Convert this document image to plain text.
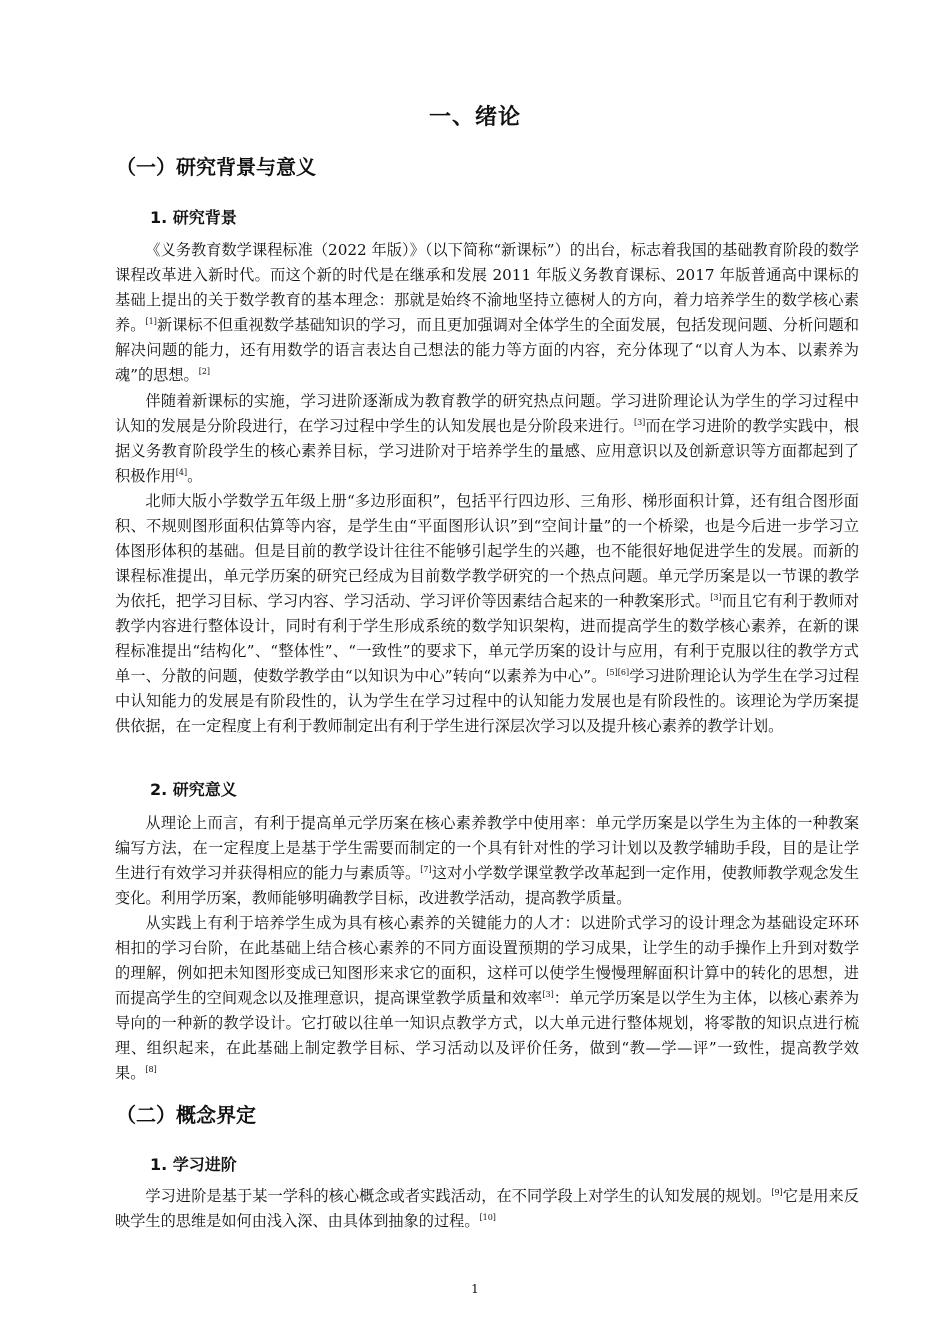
一、绪论
（一）研究背景与意义
1. 研究背景

《义务教育数学课程标准（2022 年版）》（以下简称“新课标”）的出台，标志着我国的基础教育阶段的数学课程改革进入新时代。而这个新的时代是在继承和发展 2011 年版义务教育课标、2017 年版普通高中课标的基础上提出的关于数学教育的基本理念：那就是始终不渝地坚持立德树人的方向，着力培养学生的数学核心素养。[1]新课标不但重视数学基础知识的学习，而且更加强调对全体学生的全面发展，包括发现问题、分析问题和解决问题的能力，还有用数学的语言表达自己想法的能力等方面的内容，充分体现了“以育人为本、以素养为魂”的思想。[2]

伴随着新课标的实施，学习进阶逐渐成为教育教学的研究热点问题。学习进阶理论认为学生的学习过程中认知的发展是分阶段进行，在学习过程中学生的认知发展也是分阶段来进行。[3]而在学习进阶的教学实践中，根据义务教育阶段学生的核心素养目标，学习进阶对于培养学生的量感、应用意识以及创新意识等方面都起到了积极作用[4]。

北师大版小学数学五年级上册“多边形面积”，包括平行四边形、三角形、梯形面积计算，还有组合图形面积、不规则图形面积估算等内容，是学生由“平面图形认识”到“空间计量”的一个桥梁，也是今后进一步学习立体图形体积的基础。但是目前的教学设计往往不能够引起学生的兴趣，也不能很好地促进学生的发展。而新的课程标准提出，单元学历案的研究已经成为目前数学教学研究的一个热点问题。单元学历案是以一节课的教学为依托，把学习目标、学习内容、学习活动、学习评价等因素结合起来的一种教案形式。[3]而且它有利于教师对教学内容进行整体设计，同时有利于学生形成系统的数学知识架构，进而提高学生的数学核心素养，在新的课程标准提出“结构化”、“整体性”、“一致性”的要求下，单元学历案的设计与应用，有利于克服以往的教学方式单一、分散的问题，使数学教学由“以知识为中心”转向“以素养为中心”。[5][6]学习进阶理论认为学生在学习过程中认知能力的发展是有阶段性的，认为学生在学习过程中的认知能力发展也是有阶段性的。该理论为学历案提供依据，在一定程度上有利于教师制定出有利于学生进行深层次学习以及提升核心素养的教学计划。

2. 研究意义

从理论上而言，有利于提高单元学历案在核心素养教学中使用率：单元学历案是以学生为主体的一种教案编写方法，在一定程度上是基于学生需要而制定的一个具有针对性的学习计划以及教学辅助手段，目的是让学生进行有效学习并获得相应的能力与素质等。[7]这对小学数学课堂教学改革起到一定作用，使教师教学观念发生变化。利用学历案，教师能够明确教学目标，改进教学活动，提高教学质量。

从实践上有利于培养学生成为具有核心素养的关键能力的人才：以进阶式学习的设计理念为基础设定环环相扣的学习台阶，在此基础上结合核心素养的不同方面设置预期的学习成果，让学生的动手操作上升到对数学的理解，例如把未知图形变成已知图形来求它的面积，这样可以使学生慢慢理解面积计算中的转化的思想，进而提高学生的空间观念以及推理意识，提高课堂教学质量和效率[3]：单元学历案是以学生为主体，以核心素养为导向的一种新的教学设计。它打破以往单一知识点教学方式，以大单元进行整体规划，将零散的知识点进行梳理、组织起来，在此基础上制定教学目标、学习活动以及评价任务，做到“教—学—评”一致性，提高教学效果。[8]

（二）概念界定
1. 学习进阶

学习进阶是基于某一学科的核心概念或者实践活动，在不同学段上对学生的认知发展的规划。[9]它是用来反映学生的思维是如何由浅入深、由具体到抽象的过程。[10]

1
